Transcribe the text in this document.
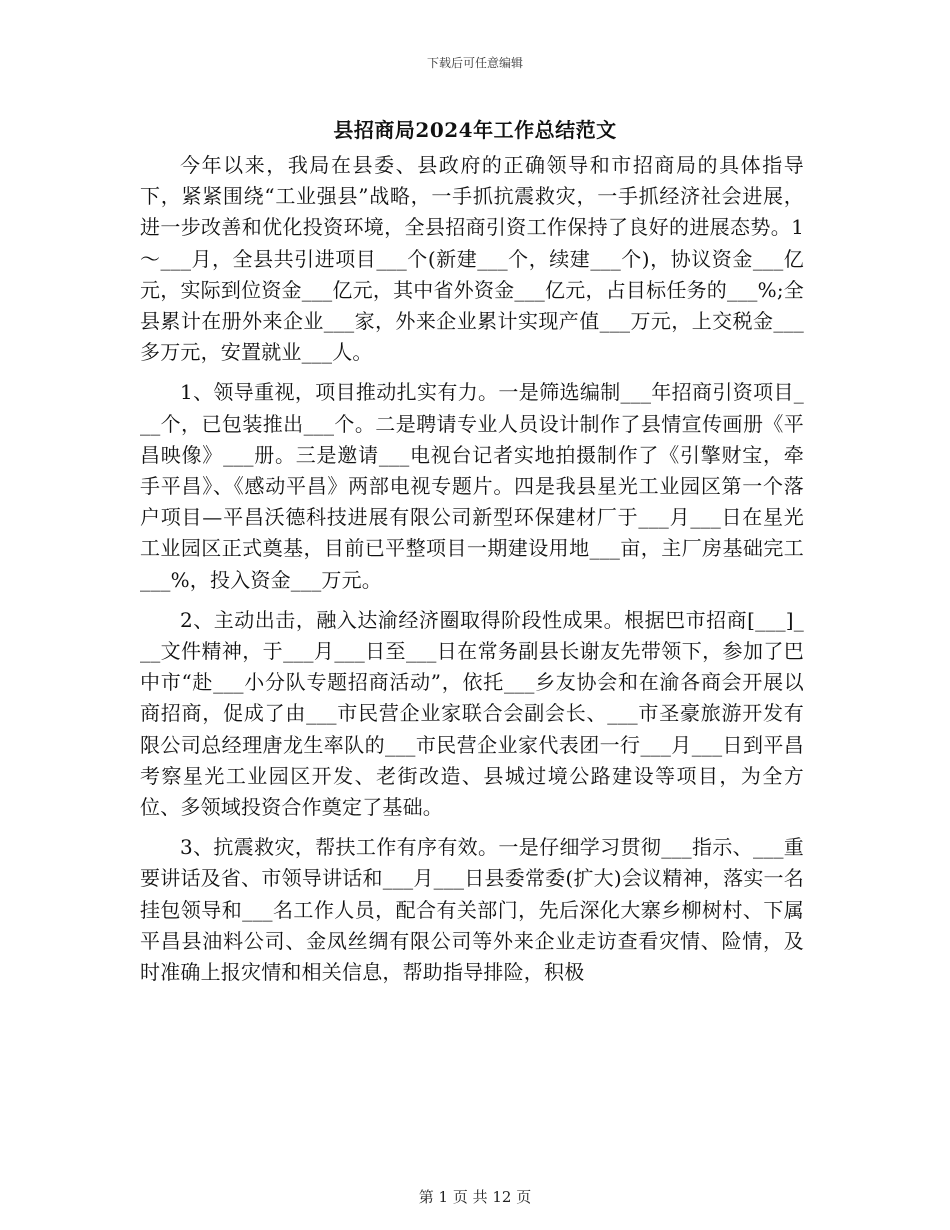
下载后可任意编辑
县招商局2024年工作总结范文

今年以来，我局在县委、县政府的正确领导和市招商局的具体指导下，紧紧围绕“工业强县”战略，一手抓抗震救灾，一手抓经济社会进展，进一步改善和优化投资环境，全县招商引资工作保持了良好的进展态势。1～___月，全县共引进项目___个(新建___个，续建___个)，协议资金___亿元，实际到位资金___亿元，其中省外资金___亿元，占目标任务的___%;全县累计在册外来企业___家，外来企业累计实现产值___万元，上交税金___多万元，安置就业___人。

1、领导重视，项目推动扎实有力。一是筛选编制___年招商引资项目___个，已包装推出___个。二是聘请专业人员设计制作了县情宣传画册《平昌映像》___册。三是邀请___电视台记者实地拍摄制作了《引擎财宝，牵手平昌》、《感动平昌》两部电视专题片。四是我县星光工业园区第一个落户项目—平昌沃德科技进展有限公司新型环保建材厂于___月___日在星光工业园区正式奠基，目前已平整项目一期建设用地___亩，主厂房基础完工___%，投入资金___万元。

2、主动出击，融入达渝经济圈取得阶段性成果。根据巴市招商[___]___文件精神，于___月___日至___日在常务副县长谢友先带领下，参加了巴中市“赴___小分队专题招商活动”，依托___乡友协会和在渝各商会开展以商招商，促成了由___市民营企业家联合会副会长、___市圣豪旅游开发有限公司总经理唐龙生率队的___市民营企业家代表团一行___月___日到平昌考察星光工业园区开发、老街改造、县城过境公路建设等项目，为全方位、多领域投资合作奠定了基础。

3、抗震救灾，帮扶工作有序有效。一是仔细学习贯彻___指示、___重要讲话及省、市领导讲话和___月___日县委常委(扩大)会议精神，落实一名挂包领导和___名工作人员，配合有关部门，先后深化大寨乡柳树村、下属平昌县油料公司、金凤丝绸有限公司等外来企业走访查看灾情、险情，及时准确上报灾情和相关信息，帮助指导排险，积极

第 1 页 共 12 页
